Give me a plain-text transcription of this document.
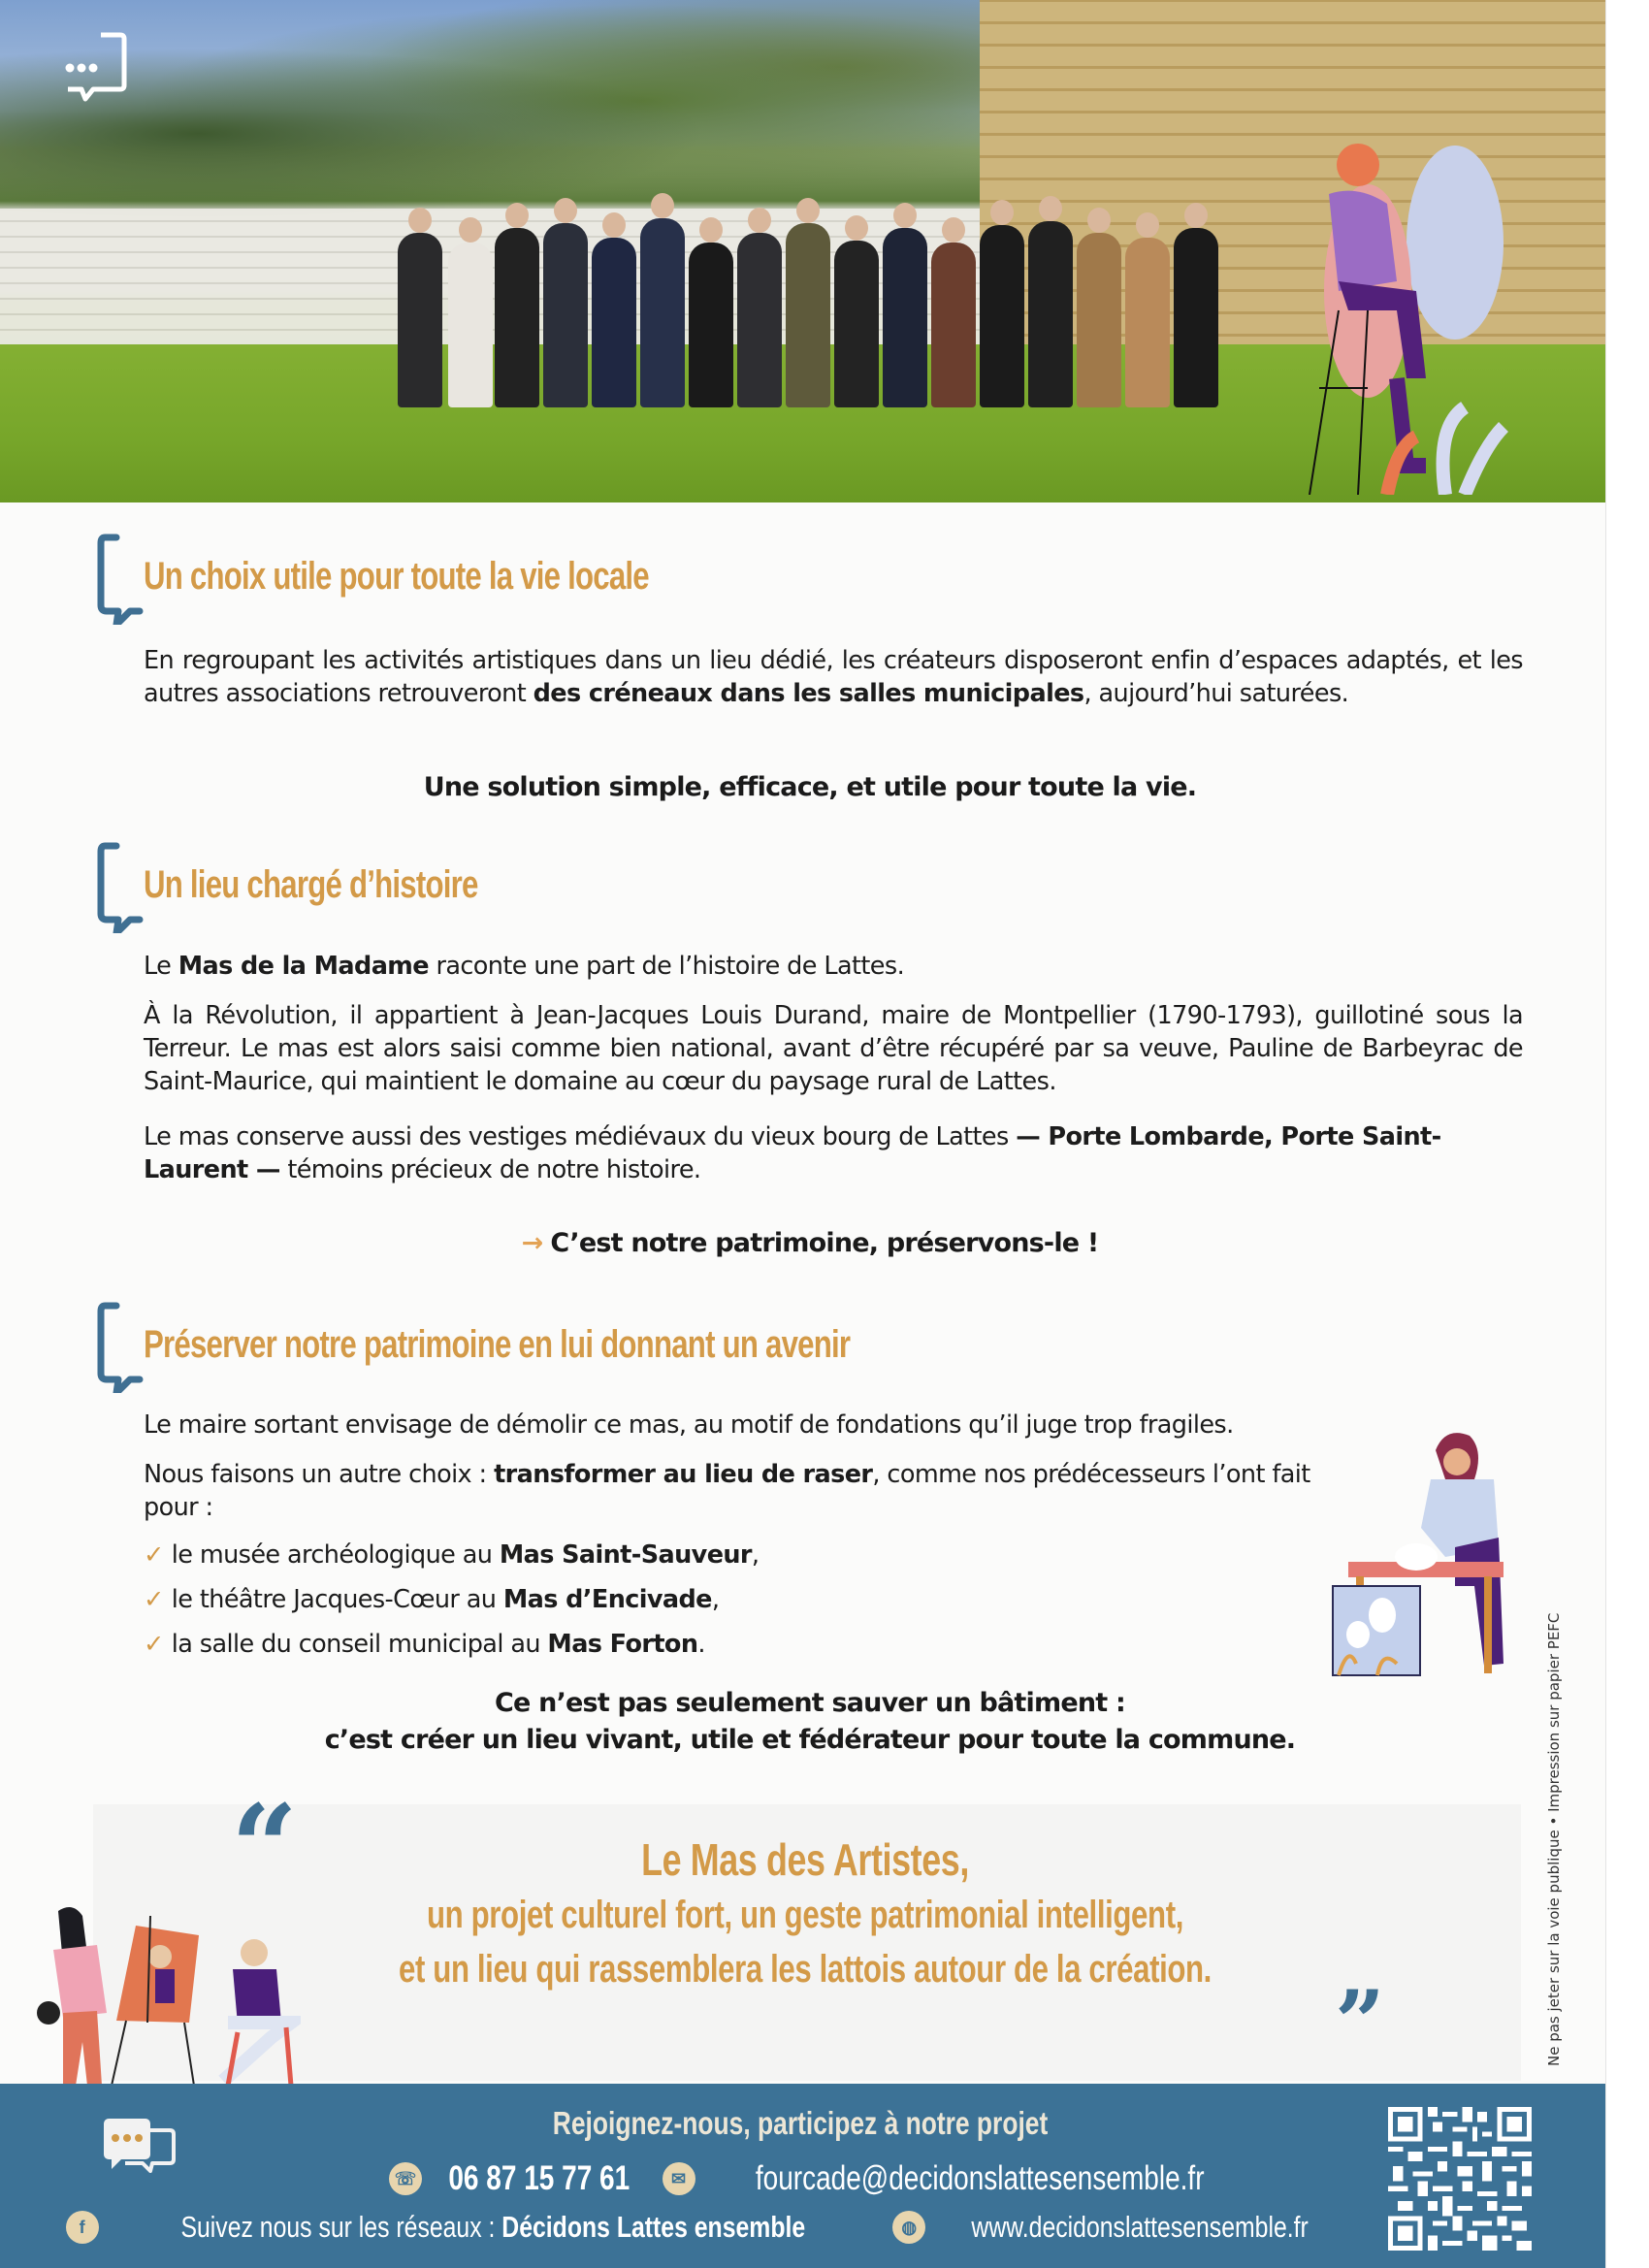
Un choix utile pour toute la vie locale

En regroupant les activités artistiques dans un lieu dédié, les créateurs disposeront enfin d’espaces adaptés, et les autres associations retrouveront des créneaux dans les salles municipales, aujourd’hui saturées.

Une solution simple, efficace, et utile pour toute la vie.
Un lieu chargé d’histoire

Le Mas de la Madame raconte une part de l’histoire de Lattes.

À la Révolution, il appartient à Jean-Jacques Louis Durand, maire de Montpellier (1790-1793), guillotiné sous la Terreur. Le mas est alors saisi comme bien national, avant d’être récupéré par sa veuve, Pauline de Barbeyrac de Saint-Maurice, qui maintient le domaine au cœur du paysage rural de Lattes.

Le mas conserve aussi des vestiges médiévaux du vieux bourg de Lattes — Porte Lombarde, Porte Saint-Laurent — témoins précieux de notre histoire.

→ C’est notre patrimoine, préservons-le !
Préserver notre patrimoine en lui donnant un avenir

Le maire sortant envisage de démolir ce mas, au motif de fondations qu’il juge trop fragiles.

Nous faisons un autre choix : transformer au lieu de raser, comme nos prédécesseurs l’ont fait pour :

✓ le musée archéologique au Mas Saint-Sauveur,
✓ le théâtre Jacques-Cœur au Mas d’Encivade,
✓ la salle du conseil municipal au Mas Forton.
Ce n’est pas seulement sauver un bâtiment :
c’est créer un lieu vivant, utile et fédérateur pour toute la commune.
“	Le Mas des Artistes,
un projet culturel fort, un geste patrimonial intelligent,
et un lieu qui rassemblera les lattois autour de la création.
”	Ne pas jeter sur la voie publique • Impression sur papier PEFC
Rejoignez-nous, participez à notre projet
☏ 06 87 15 77 61	✉ fourcade@decidonslattesensemble.fr
f	Suivez nous sur les réseaux : Décidons Lattes ensemble	◍ www.decidonslattesensemble.fr
